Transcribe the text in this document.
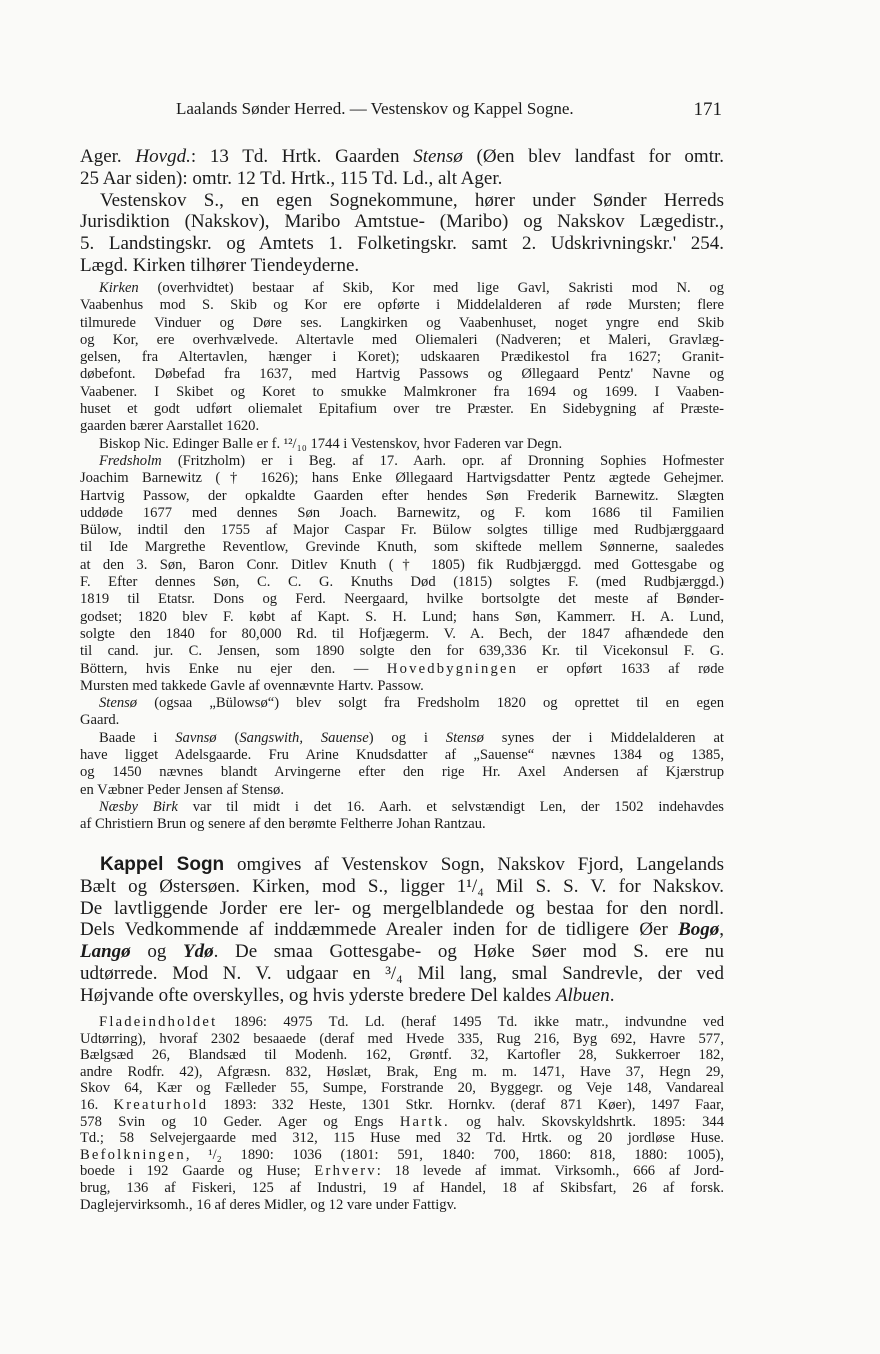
Laalands Sønder Herred. — Vestenskov og Kappel Sogne.	171
Ager. Hovgd.: 13 Td. Hrtk. Gaarden Stensø (Øen blev landfast for omtr.
25 Aar siden): omtr. 12 Td. Hrtk., 115 Td. Ld., alt Ager.
Vestenskov S., en egen Sognekommune, hører under Sønder Herreds
Jurisdiktion (Nakskov), Maribo Amtstue- (Maribo) og Nakskov Lægedistr.,
5. Landstingskr. og Amtets 1. Folketingskr. samt 2. Udskrivningskr.' 254.
Lægd. Kirken tilhører Tiendeyderne.
Kirken (overhvidtet) bestaar af Skib, Kor med lige Gavl, Sakristi mod N. og
Vaabenhus mod S. Skib og Kor ere opførte i Middelalderen af røde Mursten; flere
tilmurede Vinduer og Døre ses. Langkirken og Vaabenhuset, noget yngre end Skib
og Kor, ere overhvælvede. Altertavle med Oliemaleri (Nadveren; et Maleri, Gravlæg-
gelsen, fra Altertavlen, hænger i Koret); udskaaren Prædikestol fra 1627; Granit-
døbefont. Døbefad fra 1637, med Hartvig Passows og Øllegaard Pentz' Navne og
Vaabener. I Skibet og Koret to smukke Malmkroner fra 1694 og 1699. I Vaaben-
huset et godt udført oliemalet Epitafium over tre Præster. En Sidebygning af Præste-
gaarden bærer Aarstallet 1620.
Biskop Nic. Edinger Balle er f. ¹²/₁₀ 1744 i Vestenskov, hvor Faderen var Degn.
Fredsholm (Fritzholm) er i Beg. af 17. Aarh. opr. af Dronning Sophies Hofmester
Joachim Barnewitz († 1626); hans Enke Øllegaard Hartvigsdatter Pentz ægtede Gehejmer.
Hartvig Passow, der opkaldte Gaarden efter hendes Søn Frederik Barnewitz. Slægten
uddøde 1677 med dennes Søn Joach. Barnewitz, og F. kom 1686 til Familien
Bülow, indtil den 1755 af Major Caspar Fr. Bülow solgtes tillige med Rudbjærggaard
til Ide Margrethe Reventlow, Grevinde Knuth, som skiftede mellem Sønnerne, saaledes
at den 3. Søn, Baron Conr. Ditlev Knuth († 1805) fik Rudbjærggd. med Gottesgabe og
F. Efter dennes Søn, C. C. G. Knuths Død (1815) solgtes F. (med Rudbjærggd.)
1819 til Etatsr. Dons og Ferd. Neergaard, hvilke bortsolgte det meste af Bønder-
godset; 1820 blev F. købt af Kapt. S. H. Lund; hans Søn, Kammerr. H. A. Lund,
solgte den 1840 for 80,000 Rd. til Hofjægerm. V. A. Bech, der 1847 afhændede den
til cand. jur. C. Jensen, som 1890 solgte den for 639,336 Kr. til Vicekonsul F. G.
Böttern, hvis Enke nu ejer den. — Hovedbygningen er opført 1633 af røde
Mursten med takkede Gavle af ovennævnte Hartv. Passow.
Stensø (ogsaa „Bülowsø“) blev solgt fra Fredsholm 1820 og oprettet til en egen
Gaard.
Baade i Savnsø (Sangswith, Sauense) og i Stensø synes der i Middelalderen at
have ligget Adelsgaarde. Fru Arine Knudsdatter af „Sauense“ nævnes 1384 og 1385,
og 1450 nævnes blandt Arvingerne efter den rige Hr. Axel Andersen af Kjærstrup
en Væbner Peder Jensen af Stensø.
Næsby Birk var til midt i det 16. Aarh. et selvstændigt Len, der 1502 indehavdes
af Christiern Brun og senere af den berømte Feltherre Johan Rantzau.
Kappel Sogn omgives af Vestenskov Sogn, Nakskov Fjord, Langelands
Bælt og Østersøen. Kirken, mod S., ligger 1¹/₄ Mil S. S. V. for Nakskov.
De lavtliggende Jorder ere ler- og mergelblandede og bestaa for den nordl.
Dels Vedkommende af inddæmmede Arealer inden for de tidligere Øer Bogø,
Langø og Ydø. De smaa Gottesgabe- og Høke Søer mod S. ere nu
udtørrede. Mod N. V. udgaar en ³/₄ Mil lang, smal Sandrevle, der ved
Højvande ofte overskylles, og hvis yderste bredere Del kaldes Albuen.
Fladeindholdet 1896: 4975 Td. Ld. (heraf 1495 Td. ikke matr., indvundne ved
Udtørring), hvoraf 2302 besaaede (deraf med Hvede 335, Rug 216, Byg 692, Havre 577,
Bælgsæd 26, Blandsæd til Modenh. 162, Grøntf. 32, Kartofler 28, Sukkerroer 182,
andre Rodfr. 42), Afgræsn. 832, Høslæt, Brak, Eng m. m. 1471, Have 37, Hegn 29,
Skov 64, Kær og Fælleder 55, Sumpe, Forstrande 20, Byggegr. og Veje 148, Vandareal
16. Kreaturhold 1893: 332 Heste, 1301 Stkr. Hornkv. (deraf 871 Køer), 1497 Faar,
578 Svin og 10 Geder. Ager og Engs Hartk. og halv. Skovskyldshrtk. 1895: 344
Td.; 58 Selvejergaarde med 312, 115 Huse med 32 Td. Hrtk. og 20 jordløse Huse.
Befolkningen, ¹/₂ 1890: 1036 (1801: 591, 1840: 700, 1860: 818, 1880: 1005),
boede i 192 Gaarde og Huse; Erhverv: 18 levede af immat. Virksomh., 666 af Jord-
brug, 136 af Fiskeri, 125 af Industri, 19 af Handel, 18 af Skibsfart, 26 af forsk.
Daglejervirksomh., 16 af deres Midler, og 12 vare under Fattigv.
